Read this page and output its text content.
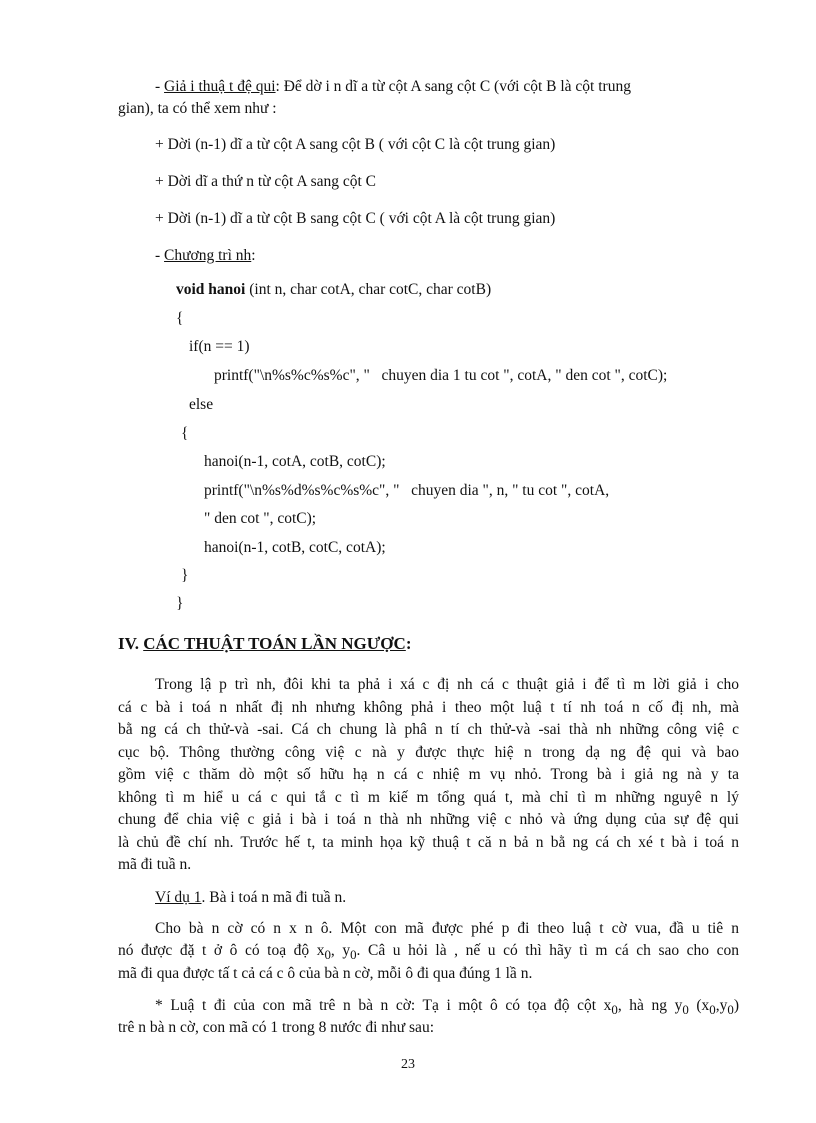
- Giả i thuậ t đệ qui: Để dờ i n dĩ a từ cột A sang cột C (với cột B là cột trung
gian), ta có thể xem như :
+ Dời (n-1) dĩ a từ cột A sang cột B ( với cột C là cột trung gian)
+ Dời dĩ a thứ n từ cột A sang cột C
+ Dời (n-1) dĩ a từ cột B sang cột C ( với cột A là cột trung gian)
- Chương trì nh:
void hanoi (int n, char cotA, char cotC, char cotB)
{
if(n == 1)
printf("\n%s%c%s%c", "   chuyen dia 1 tu cot ", cotA, " den cot ", cotC);
else
{
hanoi(n-1, cotA, cotB, cotC);
printf("\n%s%d%s%c%s%c", "   chuyen dia ", n, " tu cot ", cotA,
" den cot ", cotC);
hanoi(n-1, cotB, cotC, cotA);
}
}
IV. CÁC THUẬT TOÁN LẦN NGƯỢC:
Trong lậ p trì nh, đôi khi ta phả i xá c đị nh cá c thuật giả i để tì m lời giả i cho
cá c bà i toá n nhất đị nh nhưng không phả i theo một luậ t tí nh toá n cố đị nh, mà
bằ ng cá ch thử-và -sai. Cá ch chung là phâ n tí ch thử-và -sai thà nh những công việ c
cục bộ. Thông thường công việ c nà y được thực hiệ n trong dạ ng đệ qui và bao
gồm việ c thăm dò một số hữu hạ n cá c nhiệ m vụ nhỏ. Trong bà i giả ng nà y ta
không tì m hiể u cá c qui tắ c tì m kiế m tổng quá t, mà chỉ tì m những nguyê n lý
chung để chia việ c giả i bà i toá n thà nh những việ c nhỏ và ứng dụng của sự đệ qui
là chủ đề chí nh. Trước hế t, ta minh họa kỹ thuậ t că n bả n bằ ng cá ch xé t bà i toá n
mã đi tuầ n.
Ví dụ 1. Bà i toá n mã đi tuầ n.
Cho bà n cờ có n x n ô. Một con mã được phé p đi theo luậ t cờ vua, đầ u tiê n
nó được đặ t ở ô có toạ độ $x_0$, $y_0$. Câ u hỏi là , nế u có thì hãy tì m cá ch sao cho con
mã đi qua được tấ t cả cá c ô của bà n cờ, mỗi ô đi qua đúng 1 lầ n.
* Luậ t đi của con mã trê n bà n cờ: Tạ i một ô có tọa độ cột $x_0$, hà ng $y_0$ $(x_0,y_0)$
trê n bà n cờ, con mã có 1 trong 8 nước đi như sau:
23
